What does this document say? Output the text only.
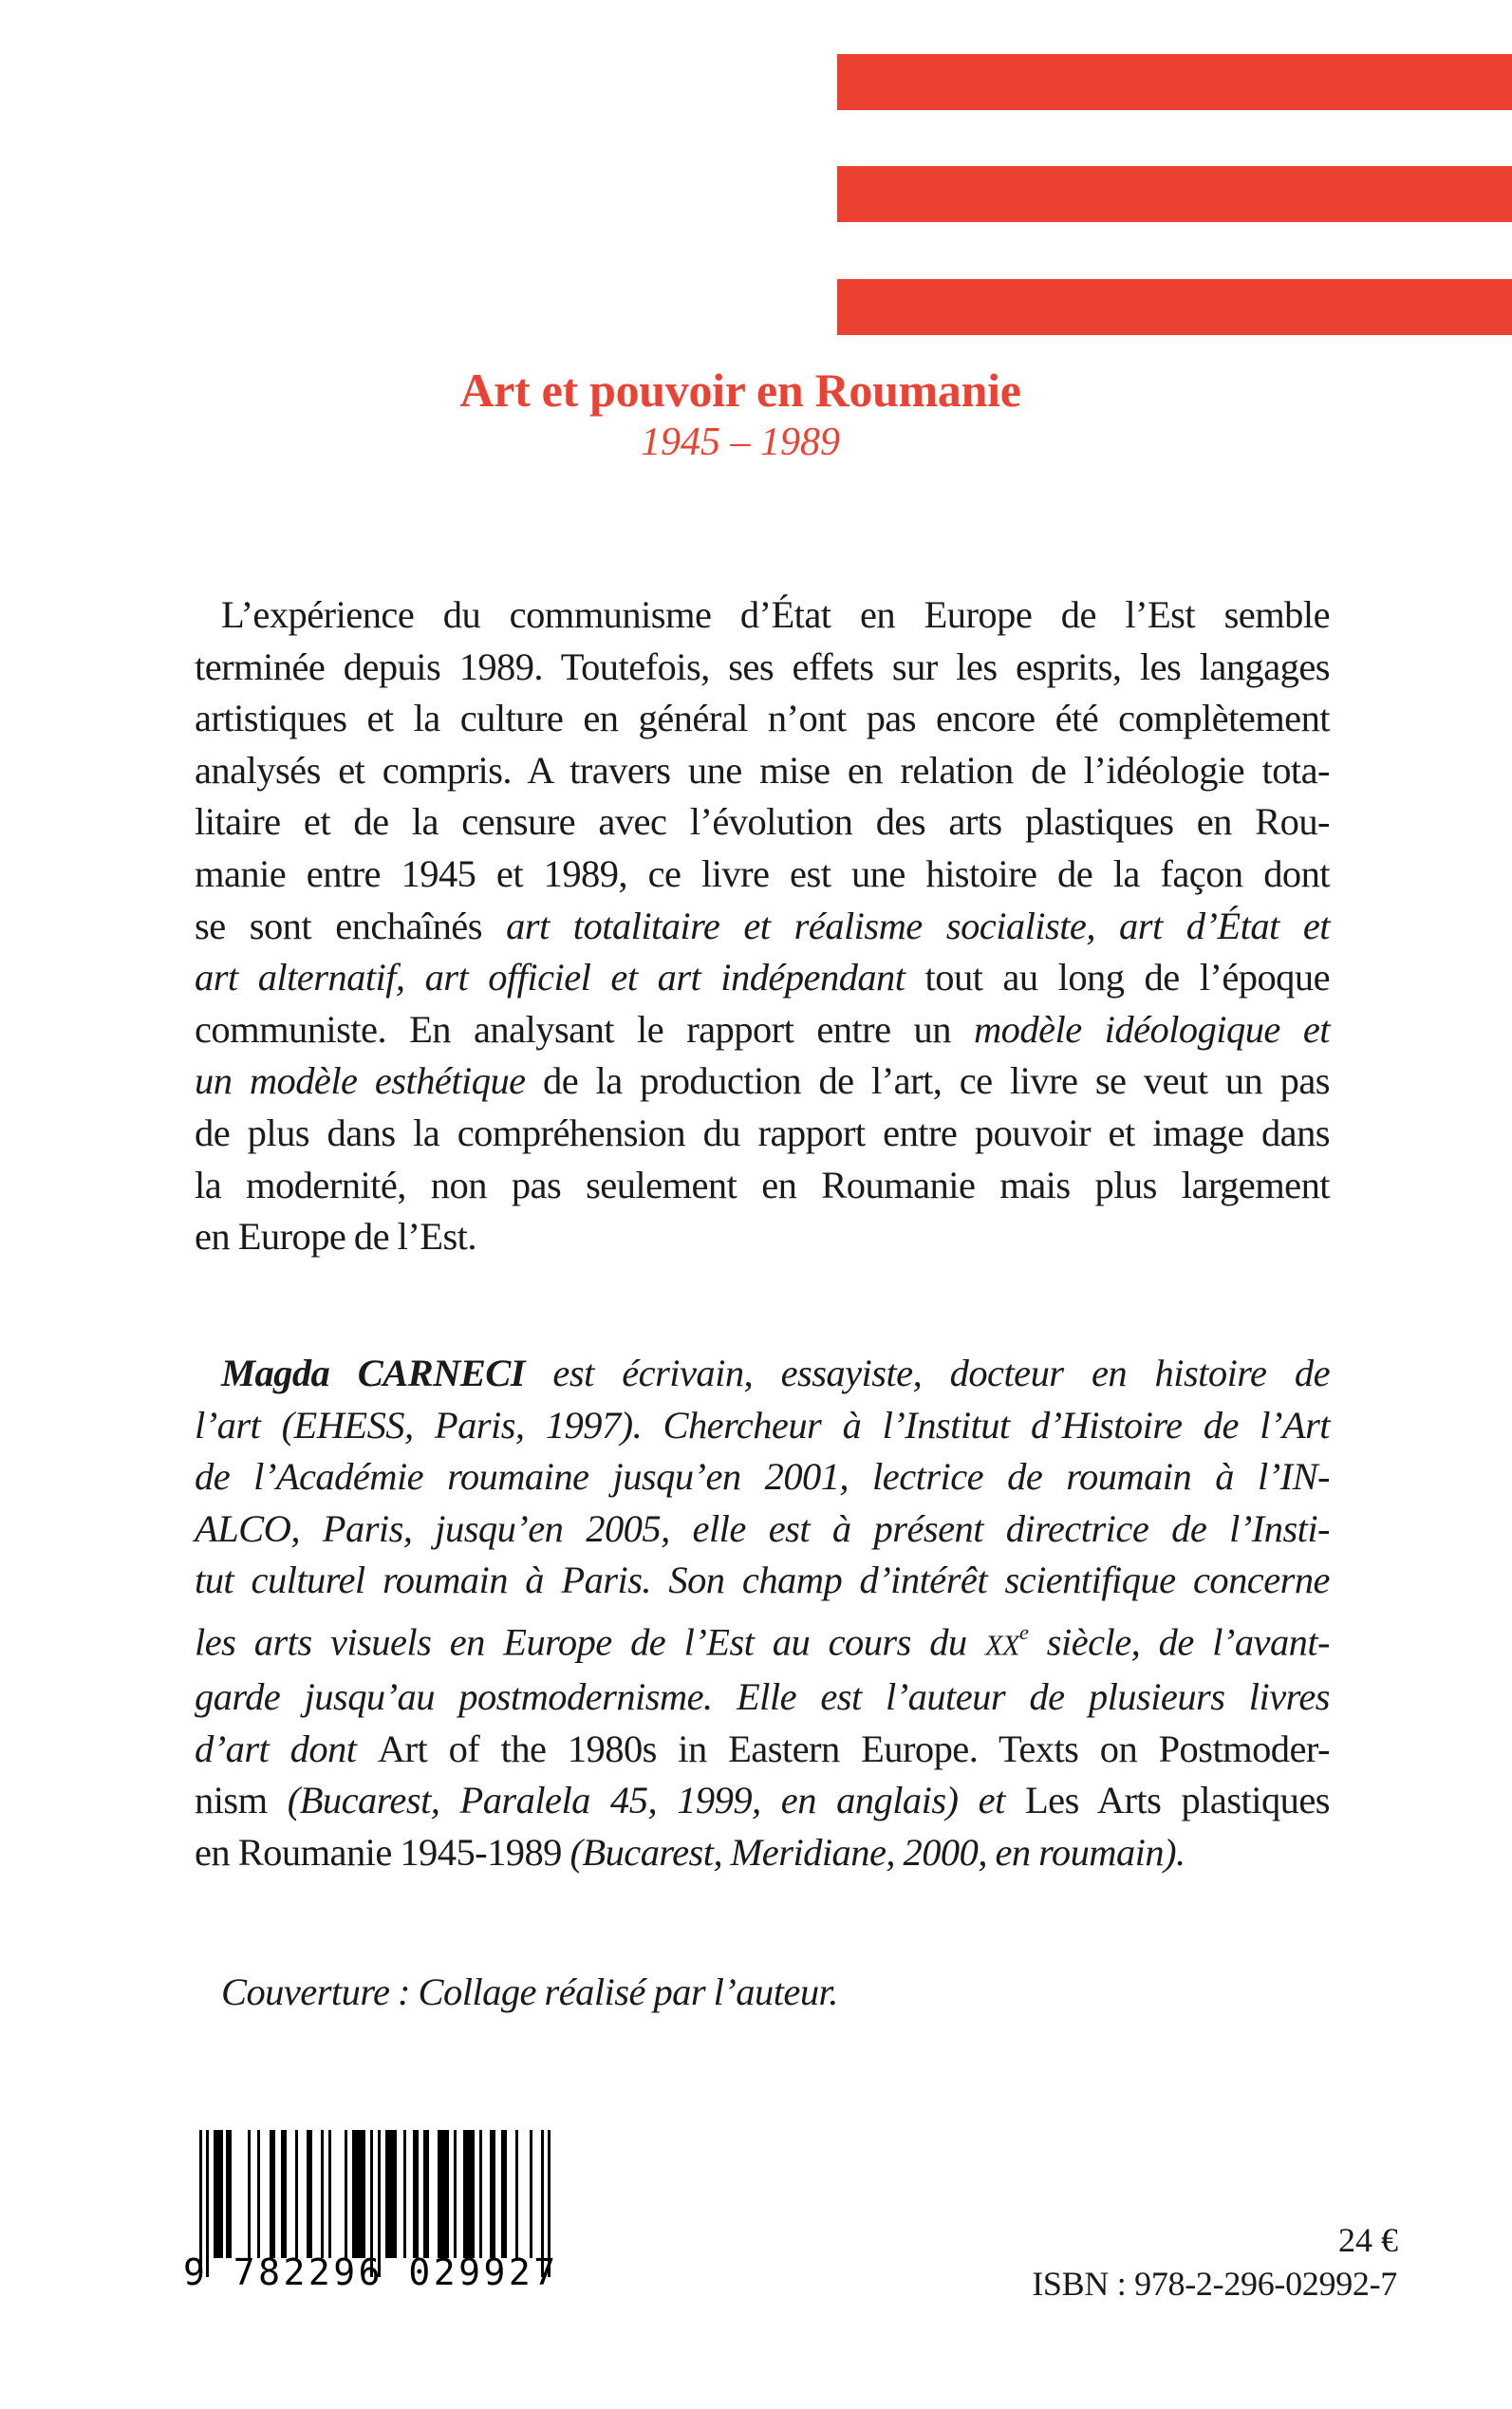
Art et pouvoir en Roumanie
1945 – 1989
L’expérience du communisme d’État en Europe de l’Est semble
terminée depuis 1989. Toutefois, ses effets sur les esprits, les langages
artistiques et la culture en général n’ont pas encore été complètement
analysés et compris. A travers une mise en relation de l’idéologie tota-
litaire et de la censure avec l’évolution des arts plastiques en Rou-
manie entre 1945 et 1989, ce livre est une histoire de la façon dont
se sont enchaînés art totalitaire et réalisme socialiste, art d’État et
art alternatif, art officiel et art indépendant tout au long de l’époque
communiste. En analysant le rapport entre un modèle idéologique et
un modèle esthétique de la production de l’art, ce livre se veut un pas
de plus dans la compréhension du rapport entre pouvoir et image dans
la modernité, non pas seulement en Roumanie mais plus largement
en Europe de l’Est.
Magda CARNECI est écrivain, essayiste, docteur en histoire de
l’art (EHESS, Paris, 1997). Chercheur à l’Institut d’Histoire de l’Art
de l’Académie roumaine jusqu’en 2001, lectrice de roumain à l’IN-
ALCO, Paris, jusqu’en 2005, elle est à présent directrice de l’Insti-
tut culturel roumain à Paris. Son champ d’intérêt scientifique concerne
les arts visuels en Europe de l’Est au cours du XXe siècle, de l’avant-
garde jusqu’au postmodernisme. Elle est l’auteur de plusieurs livres
d’art dont Art of the 1980s in Eastern Europe. Texts on Postmoder-
nism (Bucarest, Paralela 45, 1999, en anglais) et Les Arts plastiques
en Roumanie 1945-1989 (Bucarest, Meridiane, 2000, en roumain).
Couverture : Collage réalisé par l’auteur.
9 782296 029927
24 €
ISBN : 978-2-296-02992-7
